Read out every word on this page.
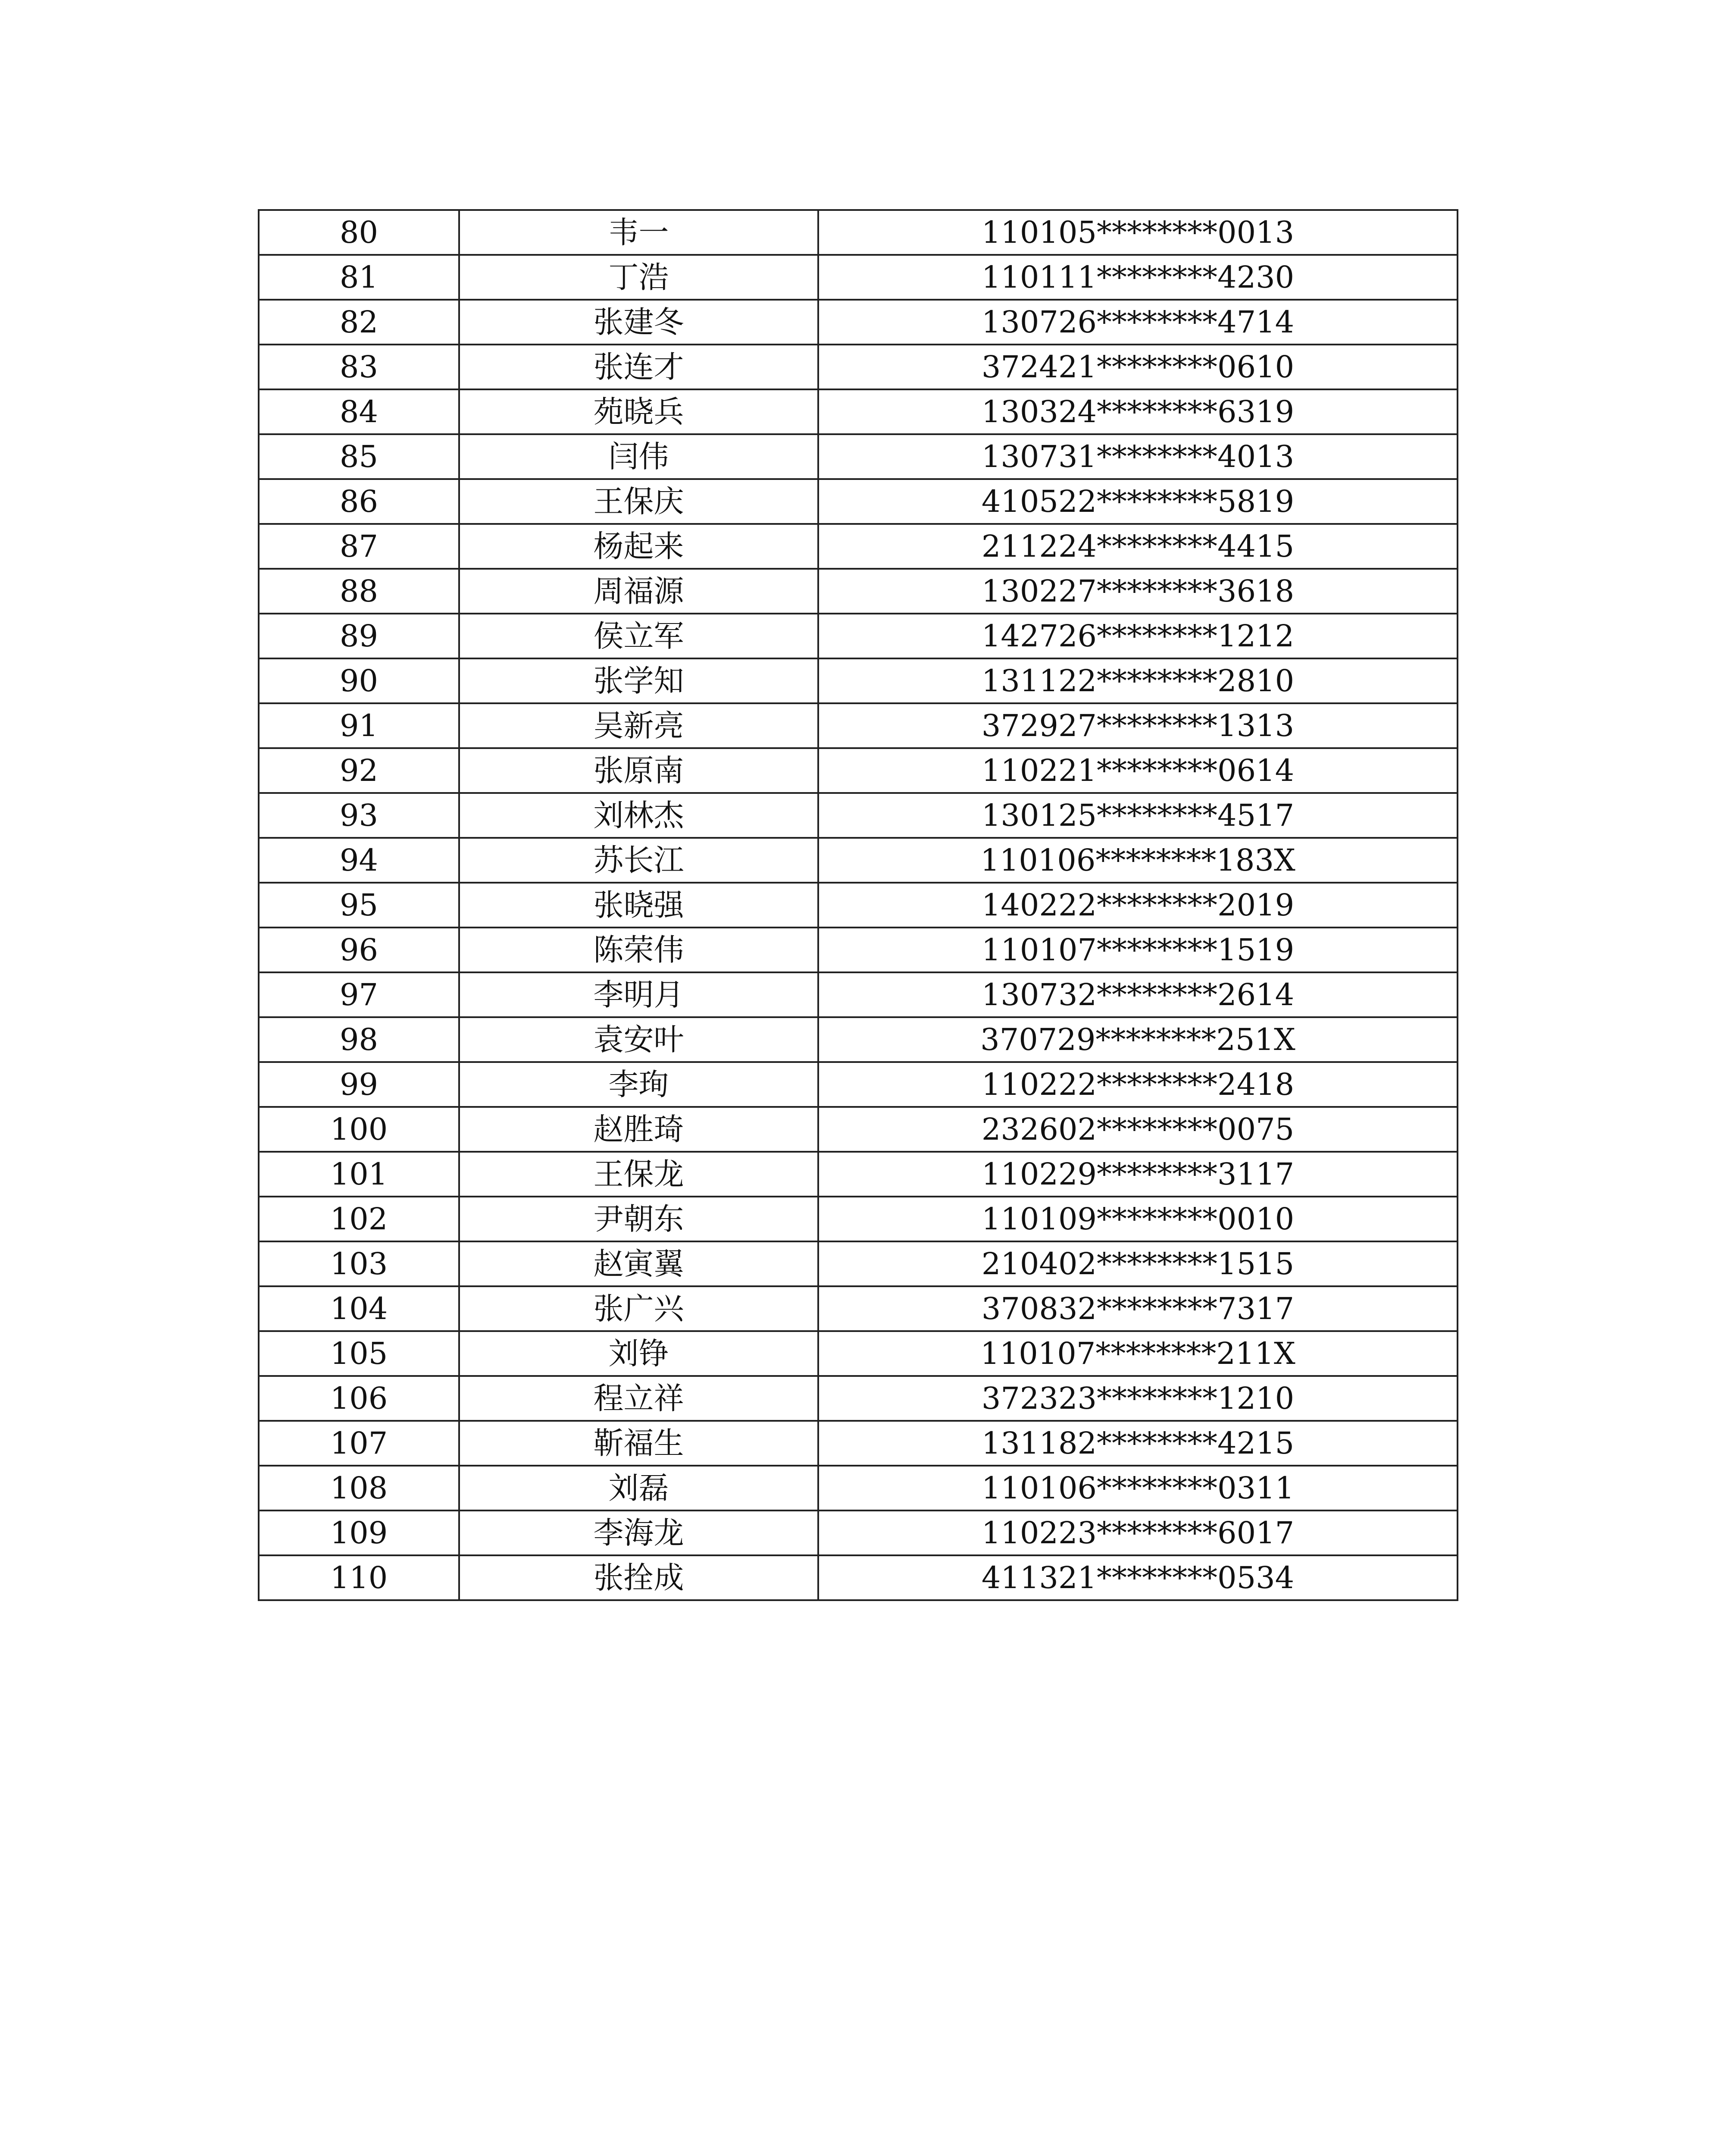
80	韦一	110105********0013
81	丁浩	110111********4230
82	张建冬	130726********4714
83	张连才	372421********0610
84	苑晓兵	130324********6319
85	闫伟	130731********4013
86	王保庆	410522********5819
87	杨起来	211224********4415
88	周福源	130227********3618
89	侯立军	142726********1212
90	张学知	131122********2810
91	吴新亮	372927********1313
92	张原南	110221********0614
93	刘林杰	130125********4517
94	苏长江	110106********183X
95	张晓强	140222********2019
96	陈荣伟	110107********1519
97	李明月	130732********2614
98	袁安叶	370729********251X
99	李珣	110222********2418
100	赵胜琦	232602********0075
101	王保龙	110229********3117
102	尹朝东	110109********0010
103	赵寅翼	210402********1515
104	张广兴	370832********7317
105	刘铮	110107********211X
106	程立祥	372323********1210
107	靳福生	131182********4215
108	刘磊	110106********0311
109	李海龙	110223********6017
110	张拴成	411321********0534
